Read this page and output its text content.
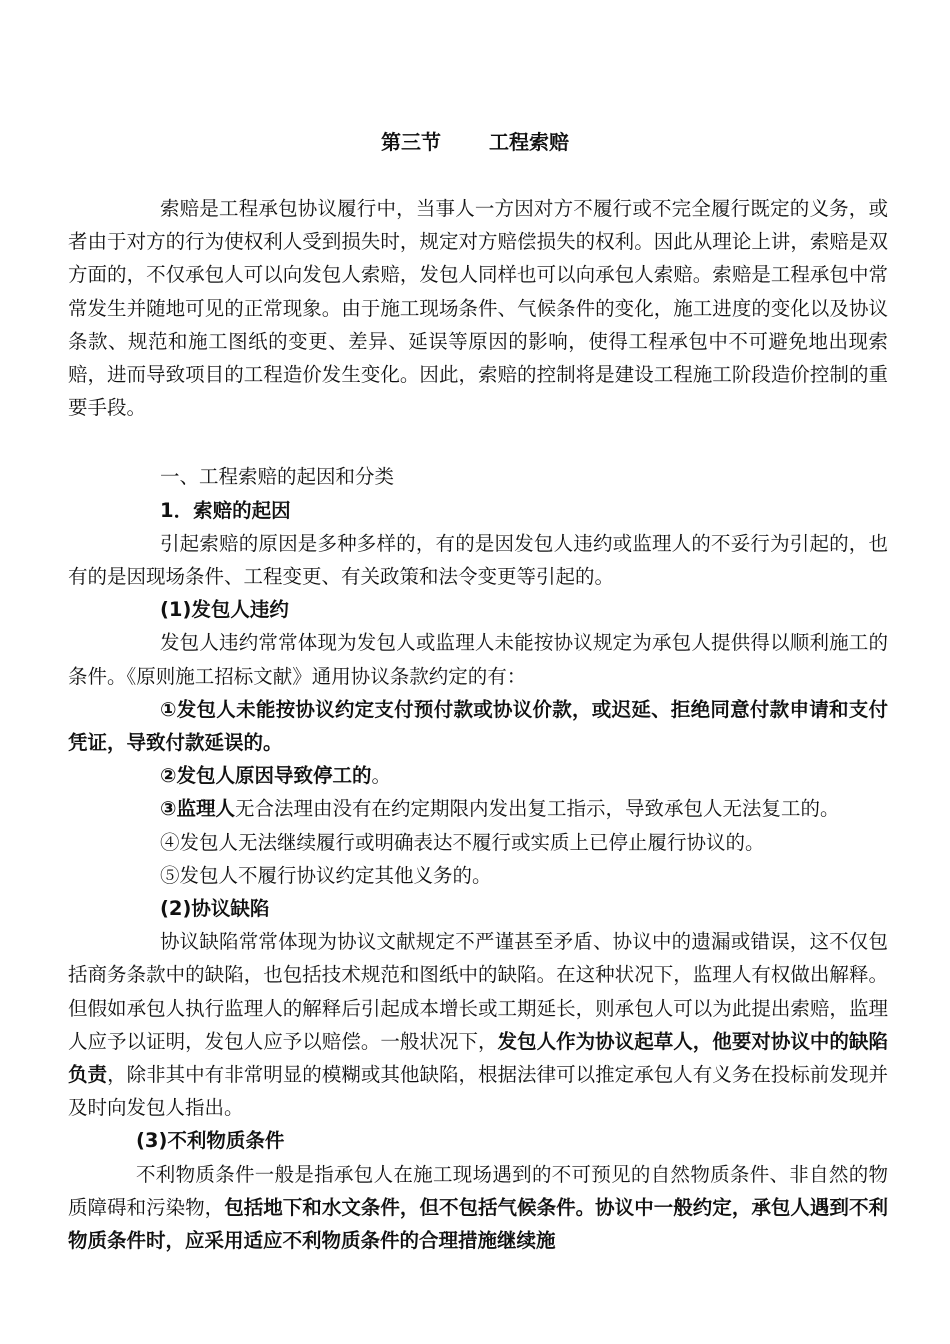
第三节 工程索赔

索赔是工程承包协议履行中，当事人一方因对方不履行或不完全履行既定的义务，或者由于对方的行为使权利人受到损失时，规定对方赔偿损失的权利。因此从理论上讲，索赔是双方面的，不仅承包人可以向发包人索赔，发包人同样也可以向承包人索赔。索赔是工程承包中常常发生并随地可见的正常现象。由于施工现场条件、气候条件的变化，施工进度的变化以及协议条款、规范和施工图纸的变更、差异、延误等原因的影响，使得工程承包中不可避免地出现索赔，进而导致项目的工程造价发生变化。因此，索赔的控制将是建设工程施工阶段造价控制的重要手段。

一、工程索赔的起因和分类

1．索赔的起因

引起索赔的原因是多种多样的，有的是因发包人违约或监理人的不妥行为引起的，也有的是因现场条件、工程变更、有关政策和法令变更等引起的。

(1)发包人违约

发包人违约常常体现为发包人或监理人未能按协议规定为承包人提供得以顺利施工的条件。《原则施工招标文献》通用协议条款约定的有：

①发包人未能按协议约定支付预付款或协议价款，或迟延、拒绝同意付款申请和支付凭证，导致付款延误的。

②发包人原因导致停工的。

③监理人无合法理由没有在约定期限内发出复工指示，导致承包人无法复工的。

④发包人无法继续履行或明确表达不履行或实质上已停止履行协议的。

⑤发包人不履行协议约定其他义务的。

(2)协议缺陷

协议缺陷常常体现为协议文献规定不严谨甚至矛盾、协议中的遗漏或错误，这不仅包括商务条款中的缺陷，也包括技术规范和图纸中的缺陷。在这种状况下，监理人有权做出解释。但假如承包人执行监理人的解释后引起成本增长或工期延长，则承包人可以为此提出索赔，监理人应予以证明，发包人应予以赔偿。一般状况下，发包人作为协议起草人，他要对协议中的缺陷负责，除非其中有非常明显的模糊或其他缺陷，根据法律可以推定承包人有义务在投标前发现并及时向发包人指出。

(3)不利物质条件

不利物质条件一般是指承包人在施工现场遇到的不可预见的自然物质条件、非自然的物质障碍和污染物，包括地下和水文条件，但不包括气候条件。协议中一般约定，承包人遇到不利物质条件时，应采用适应不利物质条件的合理措施继续施
